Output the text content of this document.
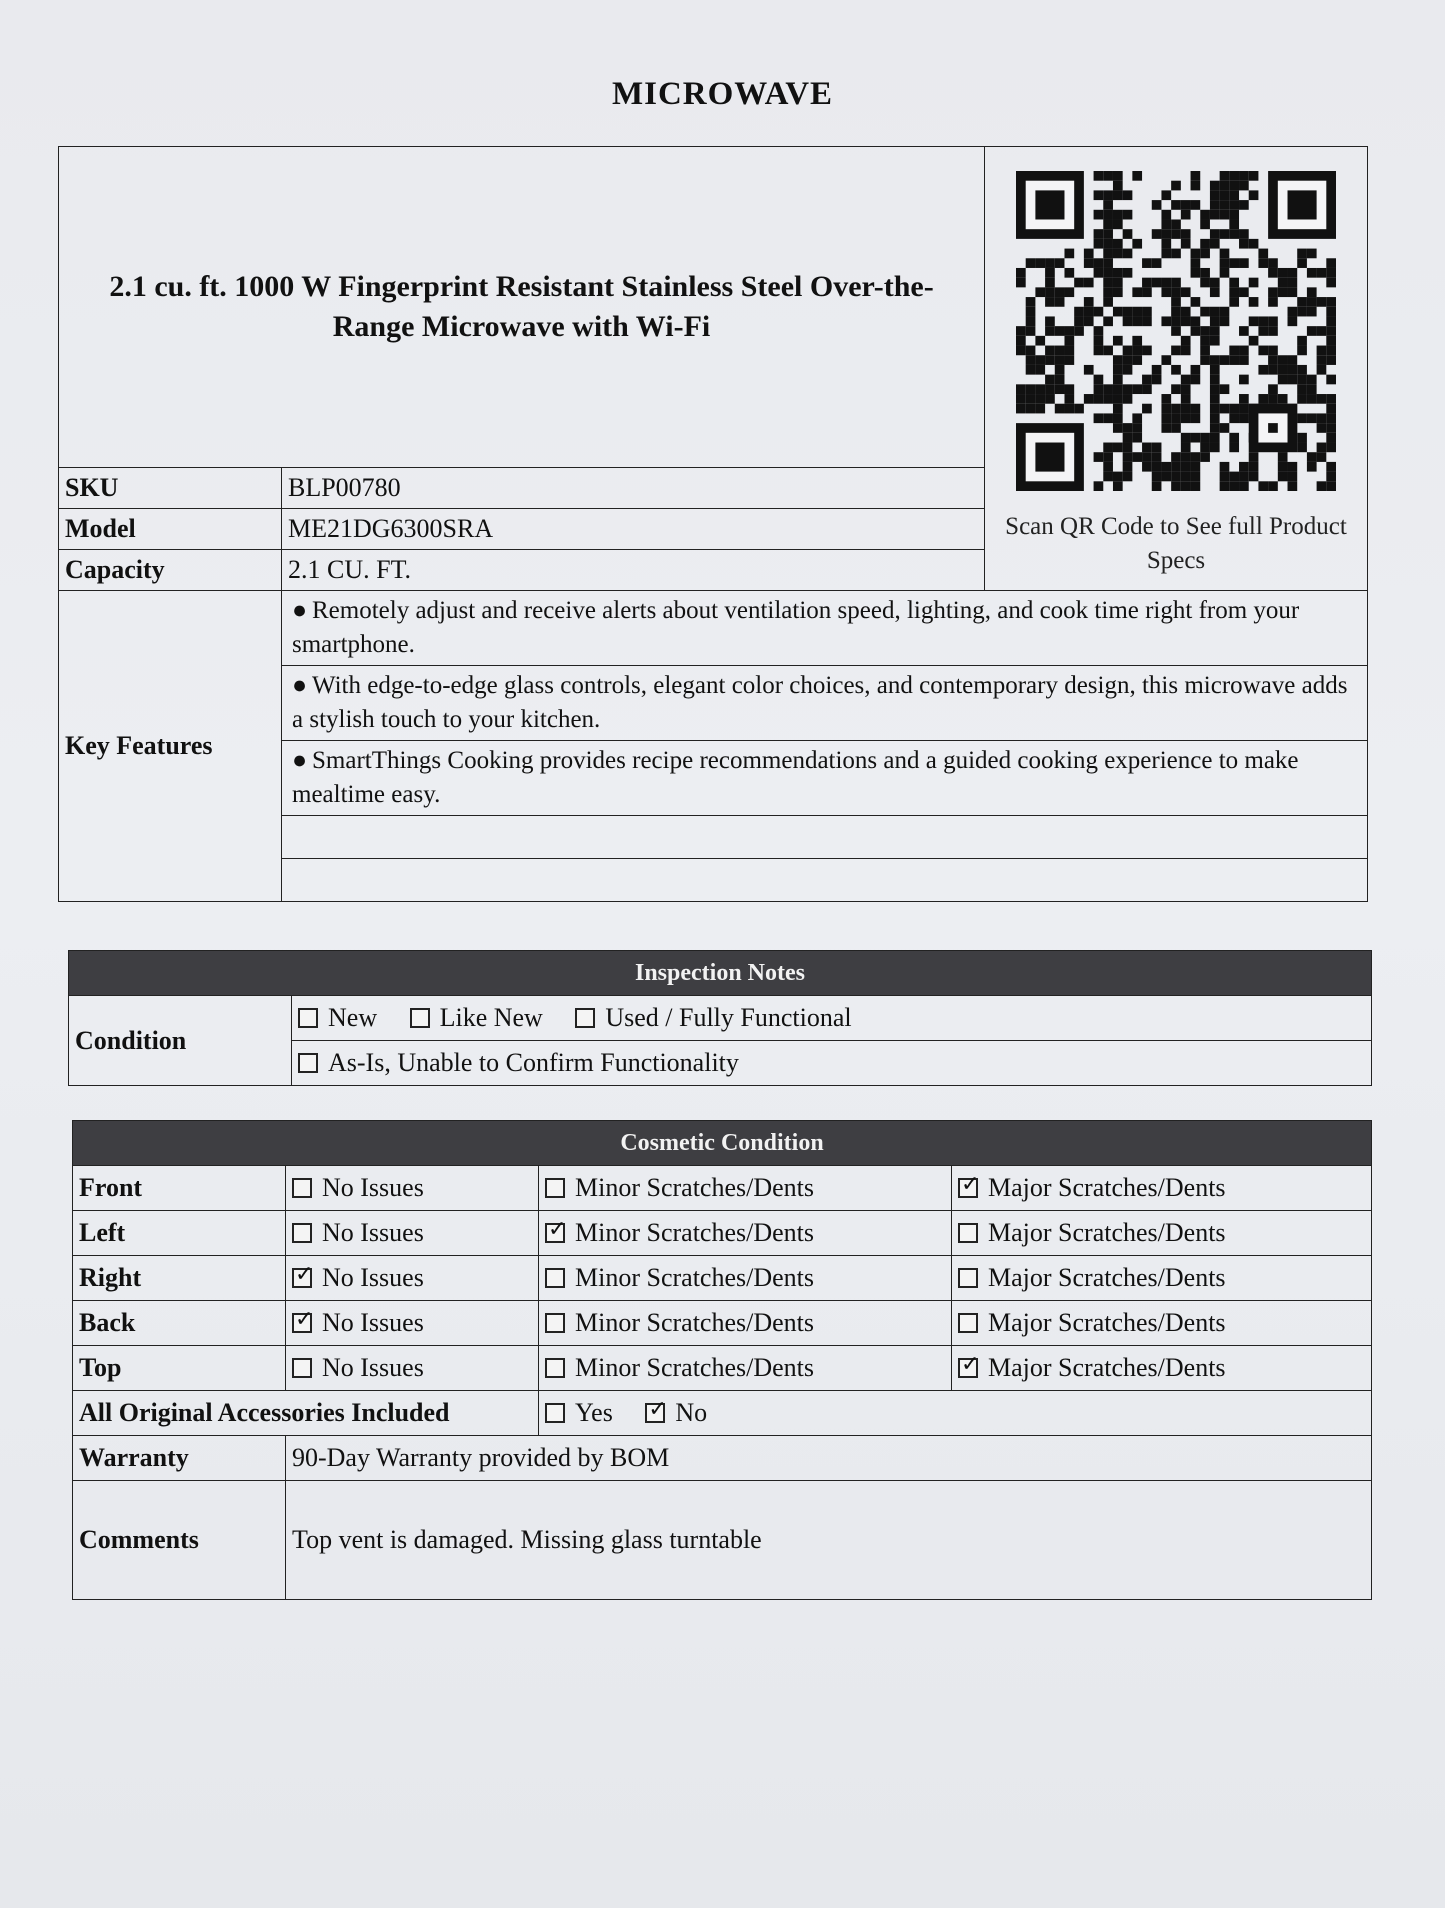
MICROWAVE
2.1 cu. ft. 1000 W Fingerprint Resistant Stainless Steel Over-the-Range Microwave with Wi-Fi		Scan QR Code to See full Product Specs

SKU	BLP00780	
Model	ME21DG6300SRA	
Capacity	2.1 CU. FT.	
Key Features	● Remotely adjust and receive alerts about ventilation speed, lighting, and cook time right from your smartphone.	
	● With edge-to-edge glass controls, elegant color choices, and contemporary design, this microwave adds a stylish touch to your kitchen.	
	● SmartThings Cooking provides recipe recommendations and a guided cooking experience to make mealtime easy.	

Inspection Notes
Condition	New Like New Used / Fully Functional
As-Is, Unable to Confirm Functionality
Cosmetic Condition			
Front	No Issues	Minor Scratches/Dents	✓Major Scratches/Dents
Left	No Issues	✓Minor Scratches/Dents	Major Scratches/Dents
Right	✓No Issues	Minor Scratches/Dents	Major Scratches/Dents
Back	✓No Issues	Minor Scratches/Dents	Major Scratches/Dents
Top	No Issues	Minor Scratches/Dents	✓Major Scratches/Dents
All Original Accessories Included		Yes ✓ No
Warranty	90-Day Warranty provided by BOM		
Comments	Top vent is damaged. Missing glass turntable		
